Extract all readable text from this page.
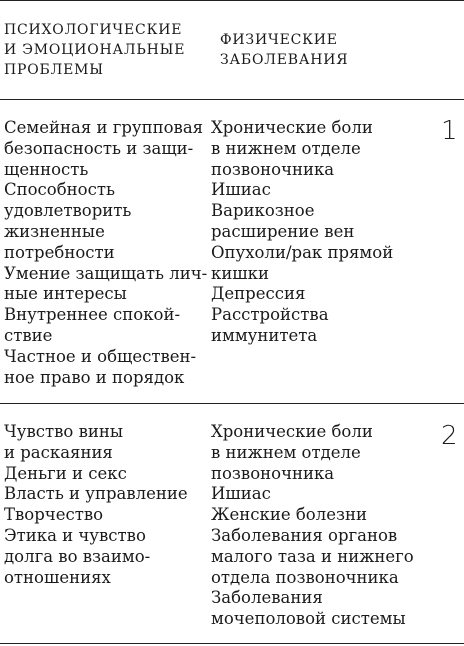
ПСИХОЛОГИЧЕСКИЕ
И ЭМОЦИОНАЛЬНЫЕ
ПРОБЛЕМЫ
ФИЗИЧЕСКИЕ
ЗАБОЛЕВАНИЯ
Семейная и групповая
безопасность и защи-
щенность
Способность
удовлетворить
жизненные
потребности
Умение защищать лич-
ные интересы
Внутреннее спокой-
ствие
Частное и обществен-
ное право и порядок
Хронические боли
в нижнем отделе
позвоночника
Ишиас
Варикозное
расширение вен
Опухоли/рак прямой
кишки
Депрессия
Расстройства
иммунитета
1
Чувство вины
и раскаяния
Деньги и секс
Власть и управление
Творчество
Этика и чувство
долга во взаимо-
отношениях
Хронические боли
в нижнем отделе
позвоночника
Ишиас
Женские болезни
Заболевания органов
малого таза и нижнего
отдела позвоночника
Заболевания
мочеполовой системы
2
